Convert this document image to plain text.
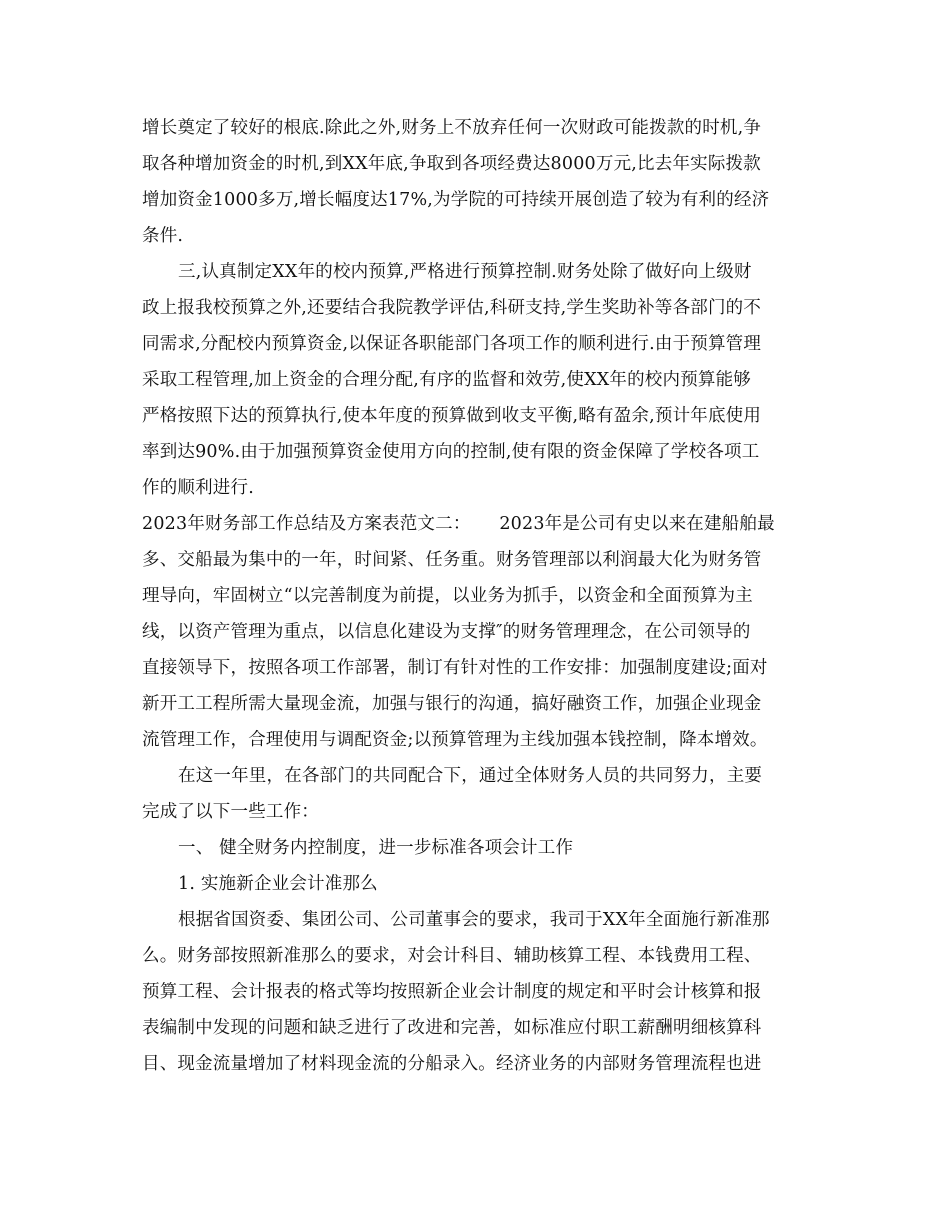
增长奠定了较好的根底.除此之外,财务上不放弃任何一次财政可能拨款的时机,争
取各种增加资金的时机,到XX年底,争取到各项经费达8000万元,比去年实际拨款
增加资金1000多万,增长幅度达17%,为学院的可持续开展创造了较为有利的经济
条件.
三,认真制定XX年的校内预算,严格进行预算控制.财务处除了做好向上级财
政上报我校预算之外,还要结合我院教学评估,科研支持,学生奖助补等各部门的不
同需求,分配校内预算资金,以保证各职能部门各项工作的顺利进行.由于预算管理
采取工程管理,加上资金的合理分配,有序的监督和效劳,使XX年的校内预算能够
严格按照下达的预算执行,使本年度的预算做到收支平衡,略有盈余,预计年底使用
率到达90%.由于加强预算资金使用方向的控制,使有限的资金保障了学校各项工
作的顺利进行.
2023年财务部工作总结及方案表范文二：     2023年是公司有史以来在建船舶最
多、交船最为集中的一年，时间紧、任务重。财务管理部以利润最大化为财务管
理导向，牢固树立“以完善制度为前提，以业务为抓手，以资金和全面预算为主
线，以资产管理为重点，以信息化建设为支撑″的财务管理理念，在公司领导的
直接领导下，按照各项工作部署，制订有针对性的工作安排：加强制度建设;面对
新开工工程所需大量现金流，加强与银行的沟通，搞好融资工作，加强企业现金
流管理工作，合理使用与调配资金;以预算管理为主线加强本钱控制，降本增效。
在这一年里，在各部门的共同配合下，通过全体财务人员的共同努力，主要
完成了以下一些工作：
一、 健全财务内控制度，进一步标准各项会计工作
1. 实施新企业会计准那么
根据省国资委、集团公司、公司董事会的要求，我司于XX年全面施行新准那
么。财务部按照新准那么的要求，对会计科目、辅助核算工程、本钱费用工程、
预算工程、会计报表的格式等均按照新企业会计制度的规定和平时会计核算和报
表编制中发现的问题和缺乏进行了改进和完善，如标准应付职工薪酬明细核算科
目、现金流量增加了材料现金流的分船录入。经济业务的内部财务管理流程也进
